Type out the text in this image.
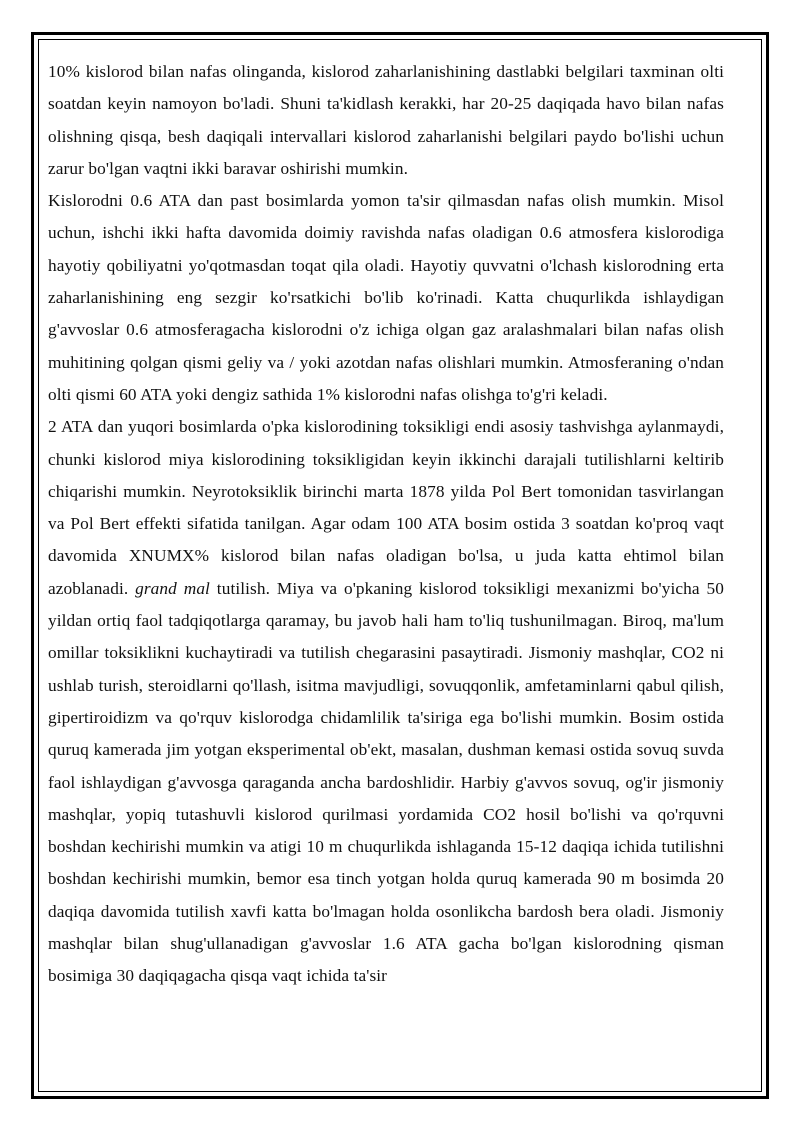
10% kislorod bilan nafas olinganda, kislorod zaharlanishining dastlabki belgilari taxminan olti soatdan keyin namoyon bo'ladi. Shuni ta'kidlash kerakki, har 20-25 daqiqada havo bilan nafas olishning qisqa, besh daqiqali intervallari kislorod zaharlanishi belgilari paydo bo'lishi uchun zarur bo'lgan vaqtni ikki baravar oshirishi mumkin.

Kislorodni 0.6 ATA dan past bosimlarda yomon ta'sir qilmasdan nafas olish mumkin. Misol uchun, ishchi ikki hafta davomida doimiy ravishda nafas oladigan 0.6 atmosfera kislorodiga hayotiy qobiliyatni yo'qotmasdan toqat qila oladi. Hayotiy quvvatni o'lchash kislorodning erta zaharlanishining eng sezgir ko'rsatkichi bo'lib ko'rinadi. Katta chuqurlikda ishlaydigan g'avvoslar 0.6 atmosferagacha kislorodni o'z ichiga olgan gaz aralashmalari bilan nafas olish muhitining qolgan qismi geliy va / yoki azotdan nafas olishlari mumkin. Atmosferaning o'ndan olti qismi 60 ATA yoki dengiz sathida 1% kislorodni nafas olishga to'g'ri keladi.

2 ATA dan yuqori bosimlarda o'pka kislorodining toksikligi endi asosiy tashvishga aylanmaydi, chunki kislorod miya kislorodining toksikligidan keyin ikkinchi darajali tutilishlarni keltirib chiqarishi mumkin. Neyrotoksiklik birinchi marta 1878 yilda Pol Bert tomonidan tasvirlangan va Pol Bert effekti sifatida tanilgan. Agar odam 100 ATA bosim ostida 3 soatdan ko'proq vaqt davomida XNUMX% kislorod bilan nafas oladigan bo'lsa, u juda katta ehtimol bilan azoblanadi. grand mal tutilish. Miya va o'pkaning kislorod toksikligi mexanizmi bo'yicha 50 yildan ortiq faol tadqiqotlarga qaramay, bu javob hali ham to'liq tushunilmagan. Biroq, ma'lum omillar toksiklikni kuchaytiradi va tutilish chegarasini pasaytiradi. Jismoniy mashqlar, CO2 ni ushlab turish, steroidlarni qo'llash, isitma mavjudligi, sovuqqonlik, amfetaminlarni qabul qilish, gipertiroidizm va qo'rquv kislorodga chidamlilik ta'siriga ega bo'lishi mumkin. Bosim ostida quruq kamerada jim yotgan eksperimental ob'ekt, masalan, dushman kemasi ostida sovuq suvda faol ishlaydigan g'avvosga qaraganda ancha bardoshlidir. Harbiy g'avvos sovuq, og'ir jismoniy mashqlar, yopiq tutashuvli kislorod qurilmasi yordamida CO2 hosil bo'lishi va qo'rquvni boshdan kechirishi mumkin va atigi 10 m chuqurlikda ishlaganda 15-12 daqiqa ichida tutilishni boshdan kechirishi mumkin, bemor esa tinch yotgan holda quruq kamerada 90 m bosimda 20 daqiqa davomida tutilish xavfi katta bo'lmagan holda osonlikcha bardosh bera oladi. Jismoniy mashqlar bilan shug'ullanadigan g'avvoslar 1.6 ATA gacha bo'lgan kislorodning qisman bosimiga 30 daqiqagacha qisqa vaqt ichida ta'sir
